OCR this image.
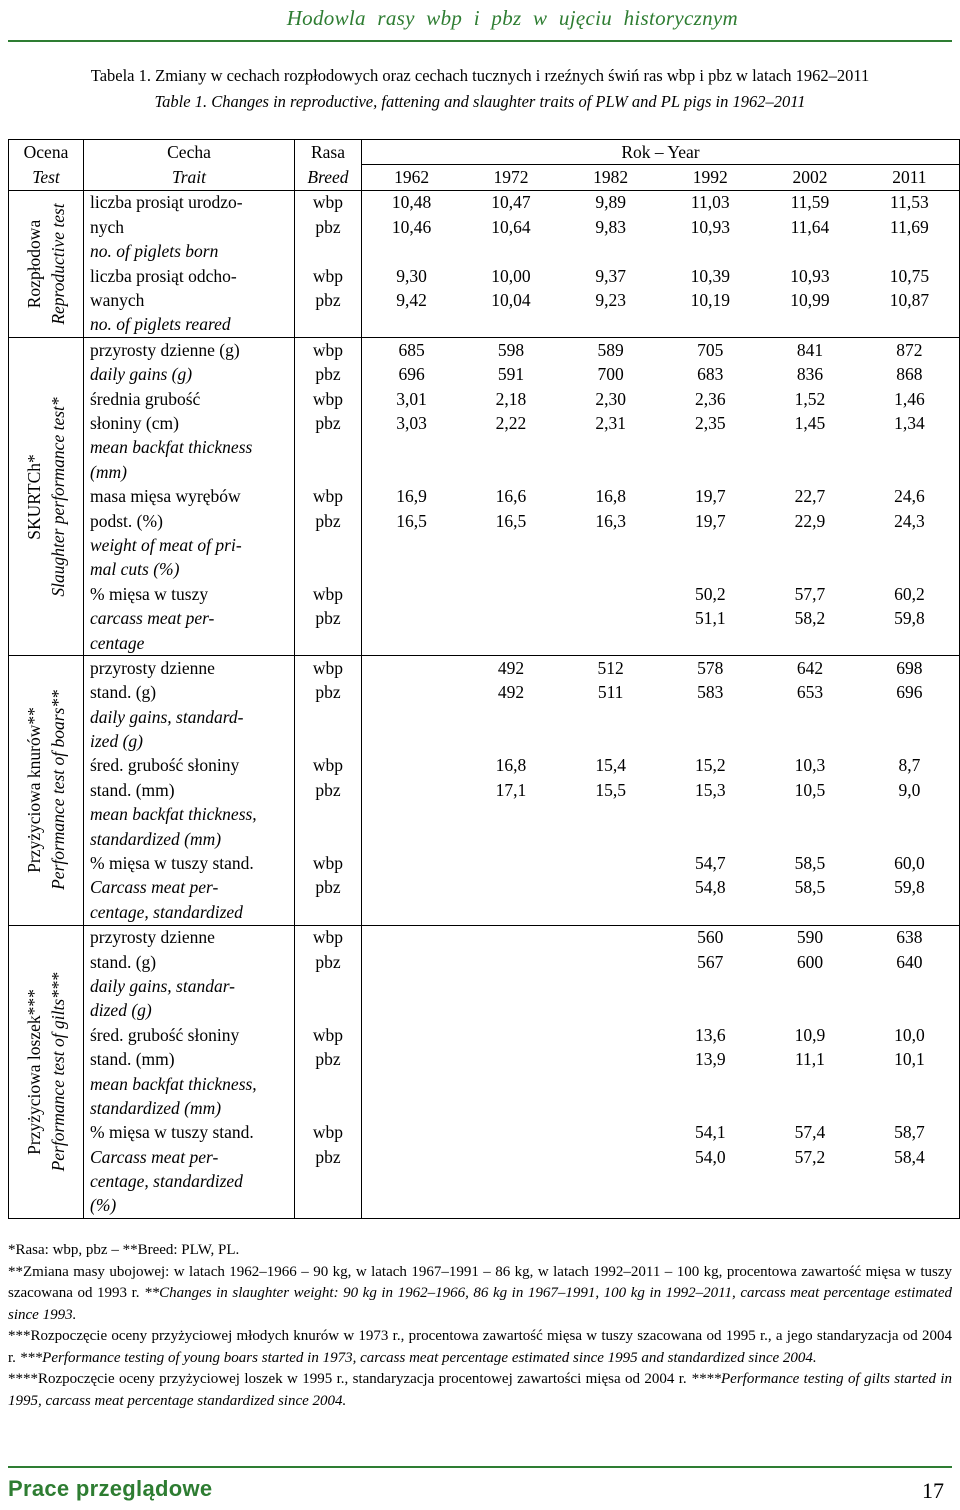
Hodowla rasy wbp i pbz w ujęciu historycznym
Tabela 1. Zmiany w cechach rozpłodowych oraz cechach tucznych i rzeźnych świń ras wbp i pbz w latach 1962–2011
Table 1. Changes in reproductive, fattening and slaughter traits of PLW and PL pigs in 1962–2011
Ocena	Cecha	Rasa	Rok – Year					
Test	Trait	Breed	1962	1972	1982	1992	2002	2011

Rozpłodowa Reproductive test	liczba prosiąt urodzo-	wbp	10,48	10,47	9,89	11,03	11,59	11,53
	nych	pbz	10,46	10,64	9,83	10,93	11,64	11,69
	no. of piglets born							
	liczba prosiąt odcho-	wbp	9,30	10,00	9,37	10,39	10,93	10,75
	wanych	pbz	9,42	10,04	9,23	10,19	10,99	10,87
	no. of piglets reared							

SKURTCh* Slaughter performance test*	przyrosty dzienne (g)	wbp	685	598	589	705	841	872
	daily gains (g)	pbz	696	591	700	683	836	868
	średnia grubość	wbp	3,01	2,18	2,30	2,36	1,52	1,46
	słoniny (cm)	pbz	3,03	2,22	2,31	2,35	1,45	1,34
	mean backfat thickness							
	(mm)							
	masa mięsa wyrębów	wbp	16,9	16,6	16,8	19,7	22,7	24,6
	podst. (%)	pbz	16,5	16,5	16,3	19,7	22,9	24,3
	weight of meat of pri-							
	mal cuts (%)							
	% mięsa w tuszy	wbp				50,2	57,7	60,2
	carcass meat per-	pbz				51,1	58,2	59,8
	centage							

Przyżyciowa knurów** Performance test of boars**	przyrosty dzienne	wbp		492	512	578	642	698
	stand. (g)	pbz		492	511	583	653	696
	daily gains, standard-							
	ized (g)							
	śred. grubość słoniny	wbp		16,8	15,4	15,2	10,3	8,7
	stand. (mm)	pbz		17,1	15,5	15,3	10,5	9,0
	mean backfat thickness,							
	standardized (mm)							
	% mięsa w tuszy stand.	wbp				54,7	58,5	60,0
	Carcass meat per-	pbz				54,8	58,5	59,8
	centage, standardized							

Przyżyciowa loszek*** Performance test of gilts***	przyrosty dzienne	wbp				560	590	638
	stand. (g)	pbz				567	600	640
	daily gains, standar-							
	dized (g)							
	śred. grubość słoniny	wbp				13,6	10,9	10,0
	stand. (mm)	pbz				13,9	11,1	10,1
	mean backfat thickness,							
	standardized (mm)							
	% mięsa w tuszy stand.	wbp				54,1	57,4	58,7
	Carcass meat per-	pbz				54,0	57,2	58,4
	centage, standardized							
	(%)							

*Rasa: wbp, pbz – **Breed: PLW, PL.

**Zmiana masy ubojowej: w latach 1962–1966 – 90 kg, w latach 1967–1991 – 86 kg, w latach 1992–2011 – 100 kg, procentowa zawartość mięsa w tuszy szacowana od 1993 r. **Changes in slaughter weight: 90 kg in 1962–1966, 86 kg in 1967–1991, 100 kg in 1992–2011, carcass meat percentage estimated since 1993.

***Rozpoczęcie oceny przyżyciowej młodych knurów w 1973 r., procentowa zawartość mięsa w tuszy szacowana od 1995 r., a jego standaryzacja od 2004 r. ***Performance testing of young boars started in 1973, carcass meat percentage estimated since 1995 and standardized since 2004.

****Rozpoczęcie oceny przyżyciowej loszek w 1995 r., standaryzacja procentowej zawartości mięsa od 2004 r. ****Performance testing of gilts started in 1995, carcass meat percentage standardized since 2004.

Prace przeglądowe	17
